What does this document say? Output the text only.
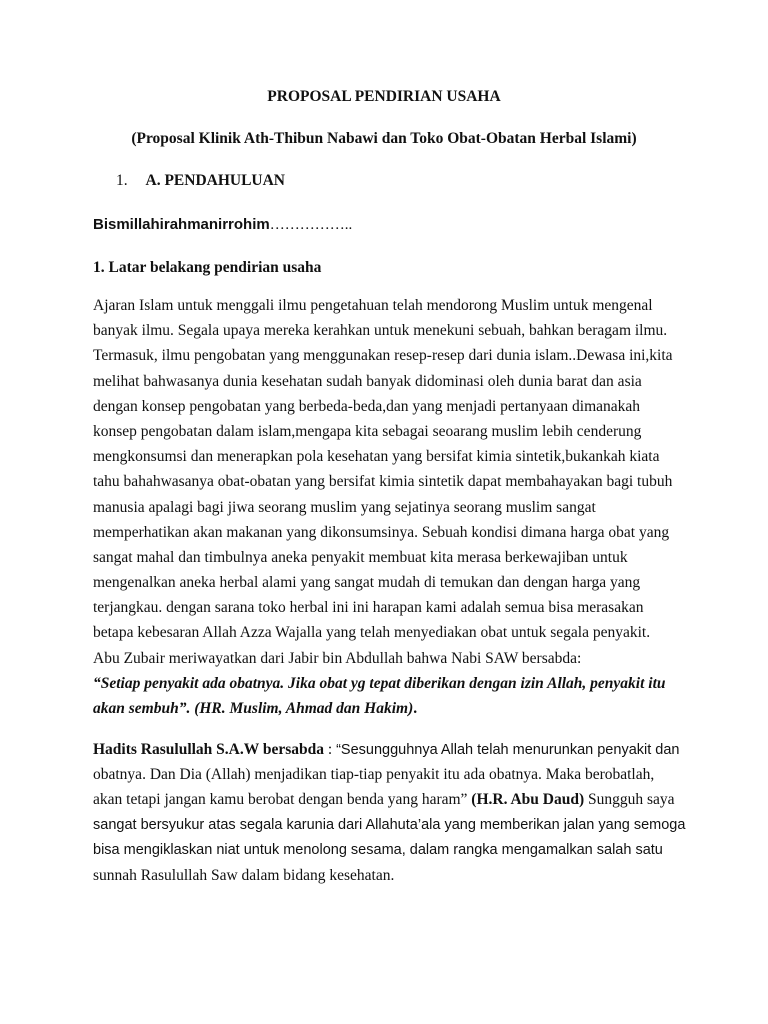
PROPOSAL PENDIRIAN USAHA
(Proposal Klinik Ath-Thibun Nabawi dan Toko Obat-Obatan Herbal Islami)
1. A. PENDAHULUAN
Bismillahirahmanirrohim……………..
1. Latar belakang pendirian usaha
Ajaran Islam untuk menggali ilmu pengetahuan telah mendorong Muslim untuk mengenal
banyak ilmu. Segala upaya mereka kerahkan untuk menekuni sebuah, bahkan beragam ilmu.
Termasuk, ilmu pengobatan yang menggunakan resep-resep dari dunia islam..Dewasa ini,kita
melihat bahwasanya dunia kesehatan sudah banyak didominasi oleh dunia barat dan asia
dengan konsep pengobatan yang berbeda-beda,dan yang menjadi pertanyaan dimanakah
konsep pengobatan dalam islam,mengapa kita sebagai seoarang muslim lebih cenderung
mengkonsumsi dan menerapkan pola kesehatan yang bersifat kimia sintetik,bukankah kiata
tahu bahahwasanya obat-obatan yang bersifat kimia sintetik dapat membahayakan bagi tubuh
manusia apalagi bagi jiwa seorang muslim yang sejatinya seorang muslim sangat
memperhatikan akan makanan yang dikonsumsinya. Sebuah kondisi dimana harga obat yang
sangat mahal dan timbulnya aneka penyakit membuat kita merasa berkewajiban untuk
mengenalkan aneka herbal alami yang sangat mudah di temukan dan dengan harga yang
terjangkau. dengan sarana toko herbal ini ini harapan kami adalah semua bisa merasakan
betapa kebesaran Allah Azza Wajalla yang telah menyediakan obat untuk segala penyakit.
Abu Zubair meriwayatkan dari Jabir bin Abdullah bahwa Nabi SAW bersabda:
“Setiap penyakit ada obatnya. Jika obat yg tepat diberikan dengan izin Allah, penyakit itu
akan sembuh”. (HR. Muslim, Ahmad dan Hakim).
Hadits Rasulullah S.A.W bersabda : “Sesungguhnya Allah telah menurunkan penyakit dan
obatnya. Dan Dia (Allah) menjadikan tiap-tiap penyakit itu ada obatnya. Maka berobatlah,
akan tetapi jangan kamu berobat dengan benda yang haram” (H.R. Abu Daud) Sungguh saya
sangat bersyukur atas segala karunia dari Allahuta’ala yang memberikan jalan yang semoga
bisa mengiklaskan niat untuk menolong sesama, dalam rangka mengamalkan salah satu
sunnah Rasulullah Saw dalam bidang kesehatan.
